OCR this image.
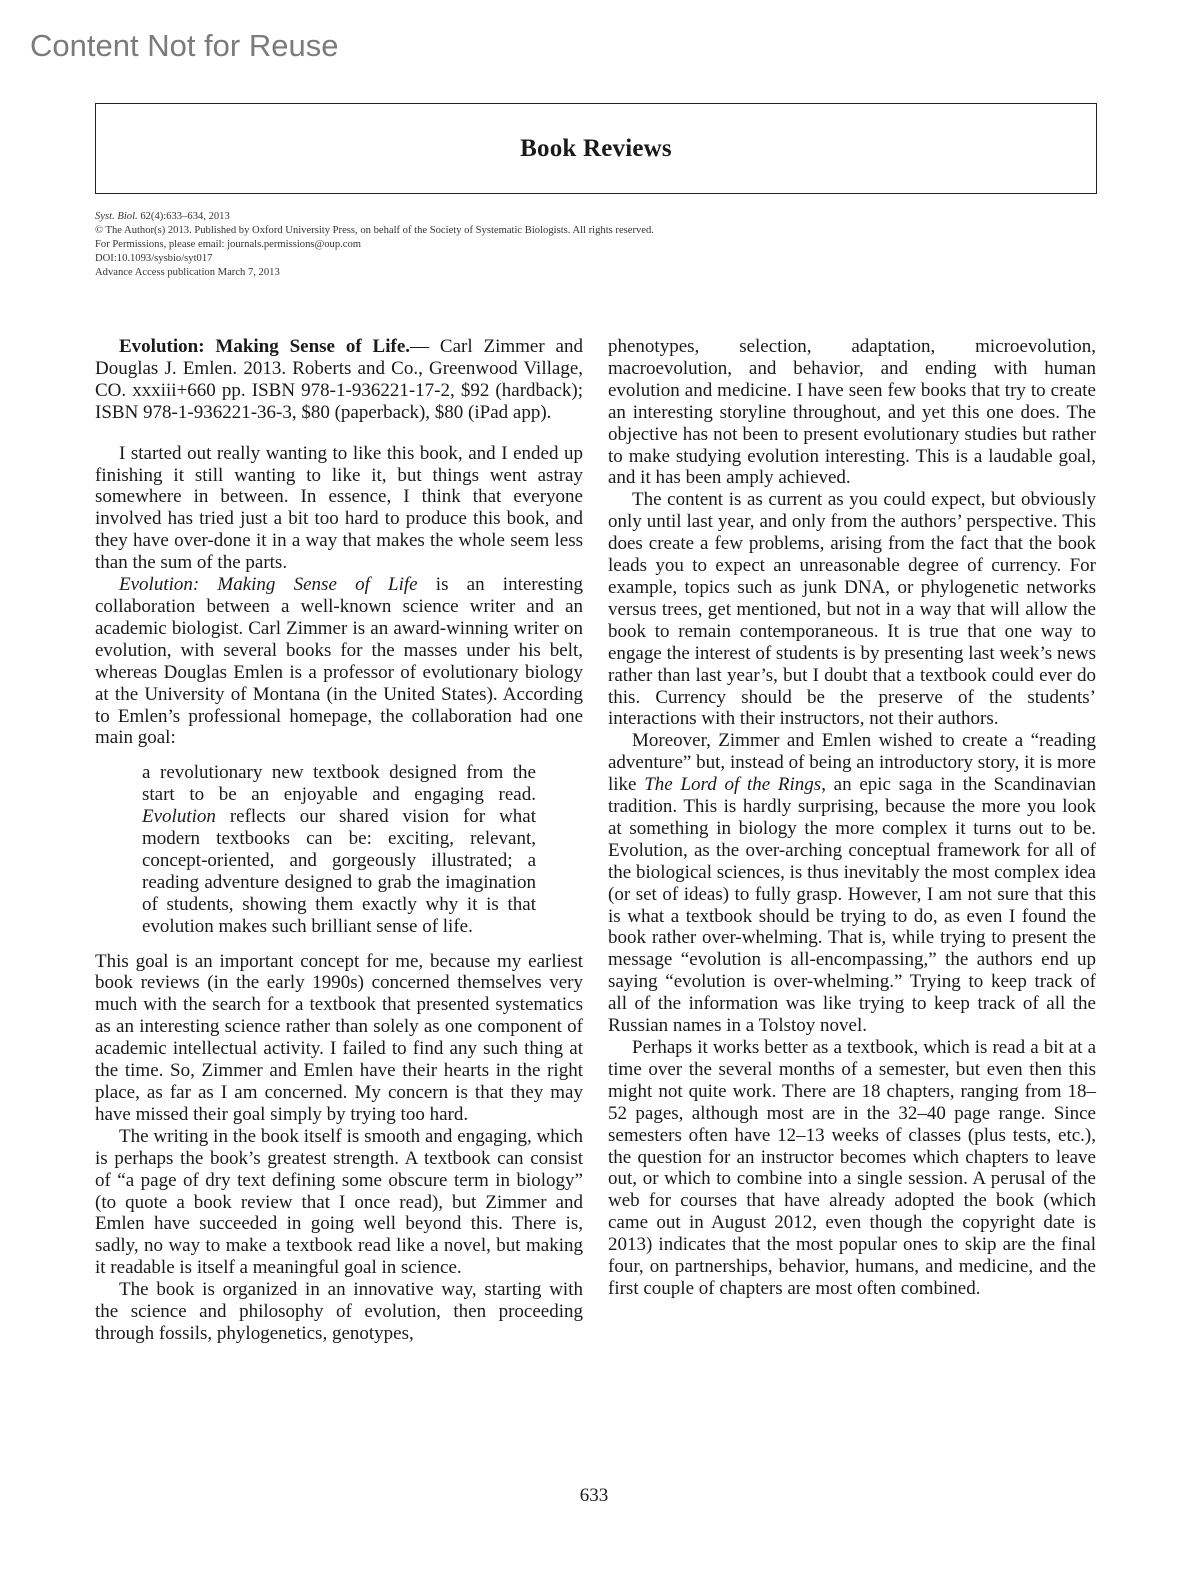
Content Not for Reuse
Book Reviews
Syst. Biol. 62(4):633–634, 2013
© The Author(s) 2013. Published by Oxford University Press, on behalf of the Society of Systematic Biologists. All rights reserved.
For Permissions, please email: journals.permissions@oup.com
DOI:10.1093/sysbio/syt017
Advance Access publication March 7, 2013

Evolution: Making Sense of Life.— Carl Zimmer and Douglas J. Emlen. 2013. Roberts and Co., Greenwood Village, CO. xxxiii+660 pp. ISBN 978-1-936221-17-2, $92 (hardback); ISBN 978-1-936221-36-3, $80 (paperback), $80 (iPad app).

I started out really wanting to like this book, and I ended up finishing it still wanting to like it, but things went astray somewhere in between. In essence, I think that everyone involved has tried just a bit too hard to produce this book, and they have over-done it in a way that makes the whole seem less than the sum of the parts.

Evolution: Making Sense of Life is an interesting collaboration between a well-known science writer and an academic biologist. Carl Zimmer is an award-winning writer on evolution, with several books for the masses under his belt, whereas Douglas Emlen is a professor of evolutionary biology at the University of Montana (in the United States). According to Emlen’s professional homepage, the collaboration had one main goal:

a revolutionary new textbook designed from the start to be an enjoyable and engaging read. Evolution reflects our shared vision for what modern textbooks can be: exciting, relevant, concept-oriented, and gorgeously illustrated; a reading adventure designed to grab the imagination of students, showing them exactly why it is that evolution makes such brilliant sense of life.

This goal is an important concept for me, because my earliest book reviews (in the early 1990s) concerned themselves very much with the search for a textbook that presented systematics as an interesting science rather than solely as one component of academic intellectual activity. I failed to find any such thing at the time. So, Zimmer and Emlen have their hearts in the right place, as far as I am concerned. My concern is that they may have missed their goal simply by trying too hard.

The writing in the book itself is smooth and engaging, which is perhaps the book’s greatest strength. A textbook can consist of “a page of dry text defining some obscure term in biology” (to quote a book review that I once read), but Zimmer and Emlen have succeeded in going well beyond this. There is, sadly, no way to make a textbook read like a novel, but making it readable is itself a meaningful goal in science.

The book is organized in an innovative way, starting with the science and philosophy of evolution, then proceeding through fossils, phylogenetics, genotypes,

phenotypes, selection, adaptation, microevolution, macroevolution, and behavior, and ending with human evolution and medicine. I have seen few books that try to create an interesting storyline throughout, and yet this one does. The objective has not been to present evolutionary studies but rather to make studying evolution interesting. This is a laudable goal, and it has been amply achieved.

The content is as current as you could expect, but obviously only until last year, and only from the authors’ perspective. This does create a few problems, arising from the fact that the book leads you to expect an unreasonable degree of currency. For example, topics such as junk DNA, or phylogenetic networks versus trees, get mentioned, but not in a way that will allow the book to remain contemporaneous. It is true that one way to engage the interest of students is by presenting last week’s news rather than last year’s, but I doubt that a textbook could ever do this. Currency should be the preserve of the students’ interactions with their instructors, not their authors.

Moreover, Zimmer and Emlen wished to create a “reading adventure” but, instead of being an introductory story, it is more like The Lord of the Rings, an epic saga in the Scandinavian tradition. This is hardly surprising, because the more you look at something in biology the more complex it turns out to be. Evolution, as the over-arching conceptual framework for all of the biological sciences, is thus inevitably the most complex idea (or set of ideas) to fully grasp. However, I am not sure that this is what a textbook should be trying to do, as even I found the book rather over-whelming. That is, while trying to present the message “evolution is all-encompassing,” the authors end up saying “evolution is over-whelming.” Trying to keep track of all of the information was like trying to keep track of all the Russian names in a Tolstoy novel.

Perhaps it works better as a textbook, which is read a bit at a time over the several months of a semester, but even then this might not quite work. There are 18 chapters, ranging from 18–52 pages, although most are in the 32–40 page range. Since semesters often have 12–13 weeks of classes (plus tests, etc.), the question for an instructor becomes which chapters to leave out, or which to combine into a single session. A perusal of the web for courses that have already adopted the book (which came out in August 2012, even though the copyright date is 2013) indicates that the most popular ones to skip are the final four, on partnerships, behavior, humans, and medicine, and the first couple of chapters are most often combined.

633
